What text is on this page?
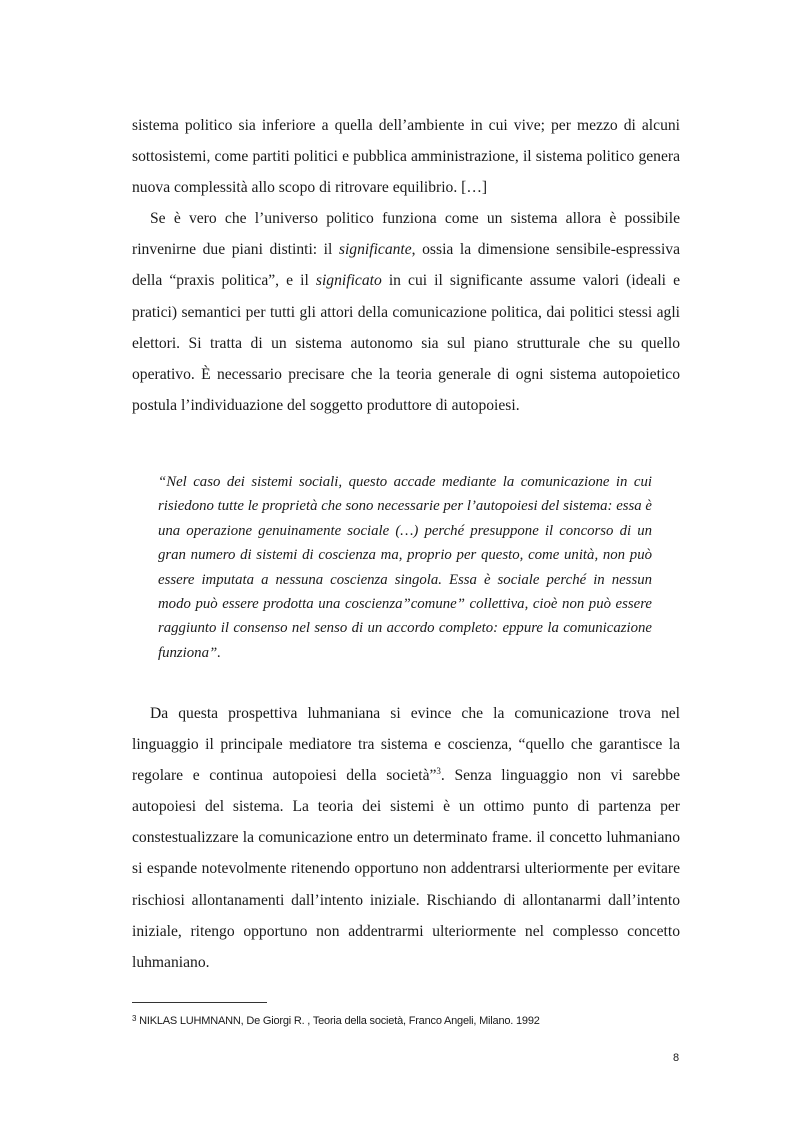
sistema politico sia inferiore a quella dell’ambiente in cui vive; per mezzo di alcuni sottosistemi, come partiti politici e pubblica amministrazione, il sistema politico genera nuova complessità allo scopo di ritrovare equilibrio. […]

Se è vero che l’universo politico funziona come un sistema allora è possibile rinvenirne due piani distinti: il significante, ossia la dimensione sensibile-espressiva della “praxis politica”, e il significato in cui il significante assume valori (ideali e pratici) semantici per tutti gli attori della comunicazione politica, dai politici stessi agli elettori. Si tratta di un sistema autonomo sia sul piano strutturale che su quello operativo. È necessario precisare che la teoria generale di ogni sistema autopoietico postula l’individuazione del soggetto produttore di autopoiesi.

“Nel caso dei sistemi sociali, questo accade mediante la comunicazione in cui risiedono tutte le proprietà che sono necessarie per l’autopoiesi del sistema: essa è una operazione genuinamente sociale (…) perché presuppone il concorso di un gran numero di sistemi di coscienza ma, proprio per questo, come unità, non può essere imputata a nessuna coscienza singola. Essa è sociale perché in nessun modo può essere prodotta una coscienza”comune” collettiva, cioè non può essere raggiunto il consenso nel senso di un accordo completo: eppure la comunicazione funziona”.

Da questa prospettiva luhmaniana si evince che la comunicazione trova nel linguaggio il principale mediatore tra sistema e coscienza, “quello che garantisce la regolare e continua autopoiesi della società”$^3$. Senza linguaggio non vi sarebbe autopoiesi del sistema. La teoria dei sistemi è un ottimo punto di partenza per constestualizzare la comunicazione entro un determinato frame. il concetto luhmaniano si espande notevolmente ritenendo opportuno non addentrarsi ulteriormente per evitare rischiosi allontanamenti dall’intento iniziale. Rischiando di allontanarmi dall’intento iniziale, ritengo opportuno non addentrarmi ulteriormente nel complesso concetto luhmaniano.

$^3$ NIKLAS LUHMNANN, De Giorgi R. , Teoria della società, Franco Angeli, Milano. 1992
8
